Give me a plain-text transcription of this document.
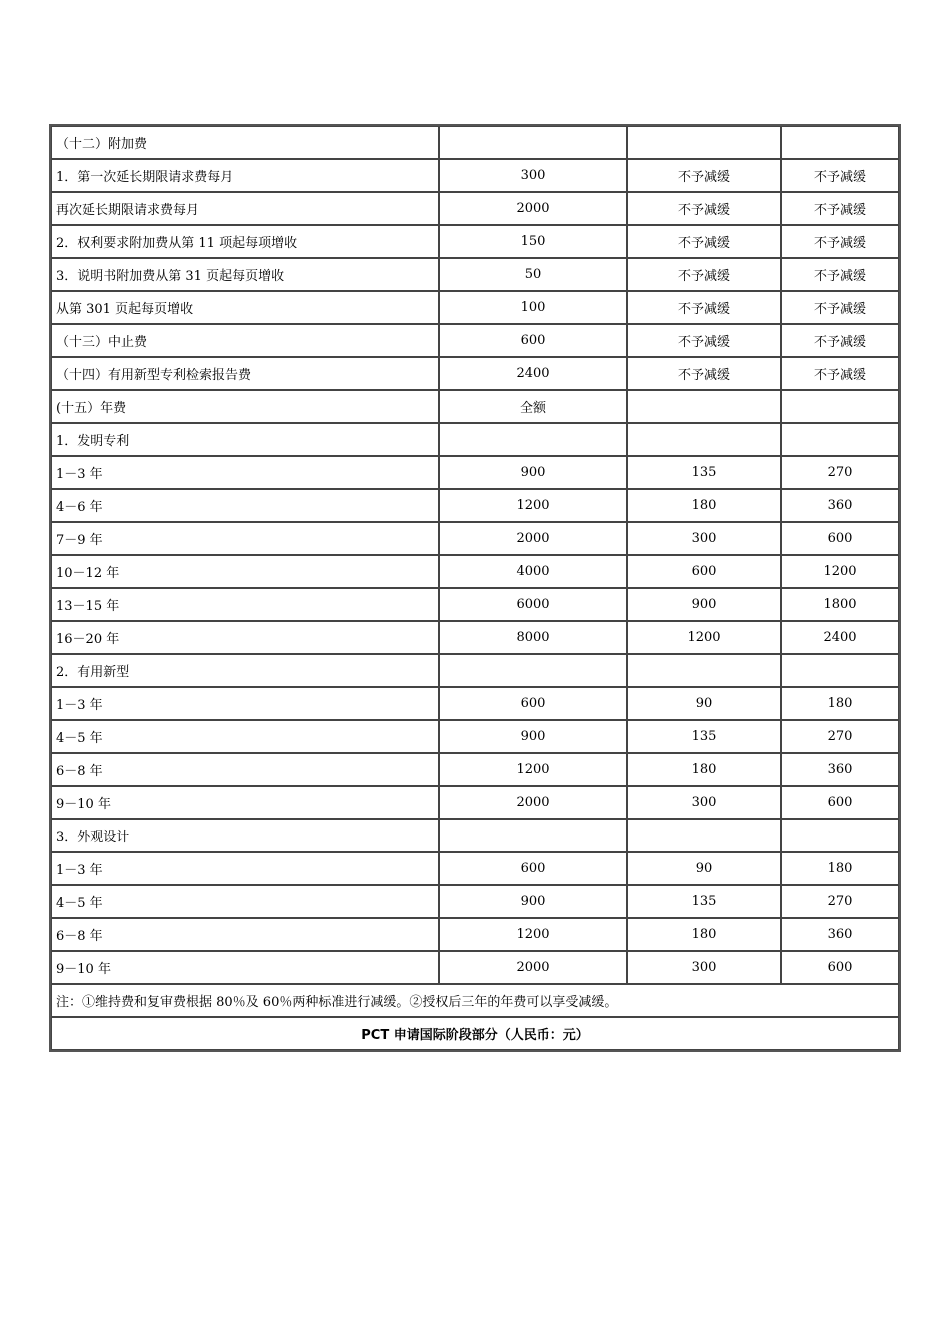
（十二）附加费			
1．第一次延长期限请求费每月	300	不予减缓	不予减缓
再次延长期限请求费每月	2000	不予减缓	不予减缓
2．权利要求附加费从第 11 项起每项增收	150	不予减缓	不予减缓
3．说明书附加费从第 31 页起每页增收	50	不予减缓	不予减缓
从第 301 页起每页增收	100	不予减缓	不予减缓
（十三）中止费	600	不予减缓	不予减缓
（十四）有用新型专利检索报告费	2400	不予减缓	不予减缓
(十五）年费	全额		
1．发明专利			
1－3 年	900	135	270
4－6 年	1200	180	360
7－9 年	2000	300	600
10－12 年	4000	600	1200
13－15 年	6000	900	1800
16－20 年	8000	1200	2400
2．有用新型			
1－3 年	600	90	180
4－5 年	900	135	270
6－8 年	1200	180	360
9－10 年	2000	300	600
3．外观设计			
1－3 年	600	90	180
4－5 年	900	135	270
6－8 年	1200	180	360
9－10 年	2000	300	600
注：①维持费和复审费根据 80％及 60％两种标准进行减缓。②授权后三年的年费可以享受减缓。			
PCT 申请国际阶段部分（人民币：元）			
